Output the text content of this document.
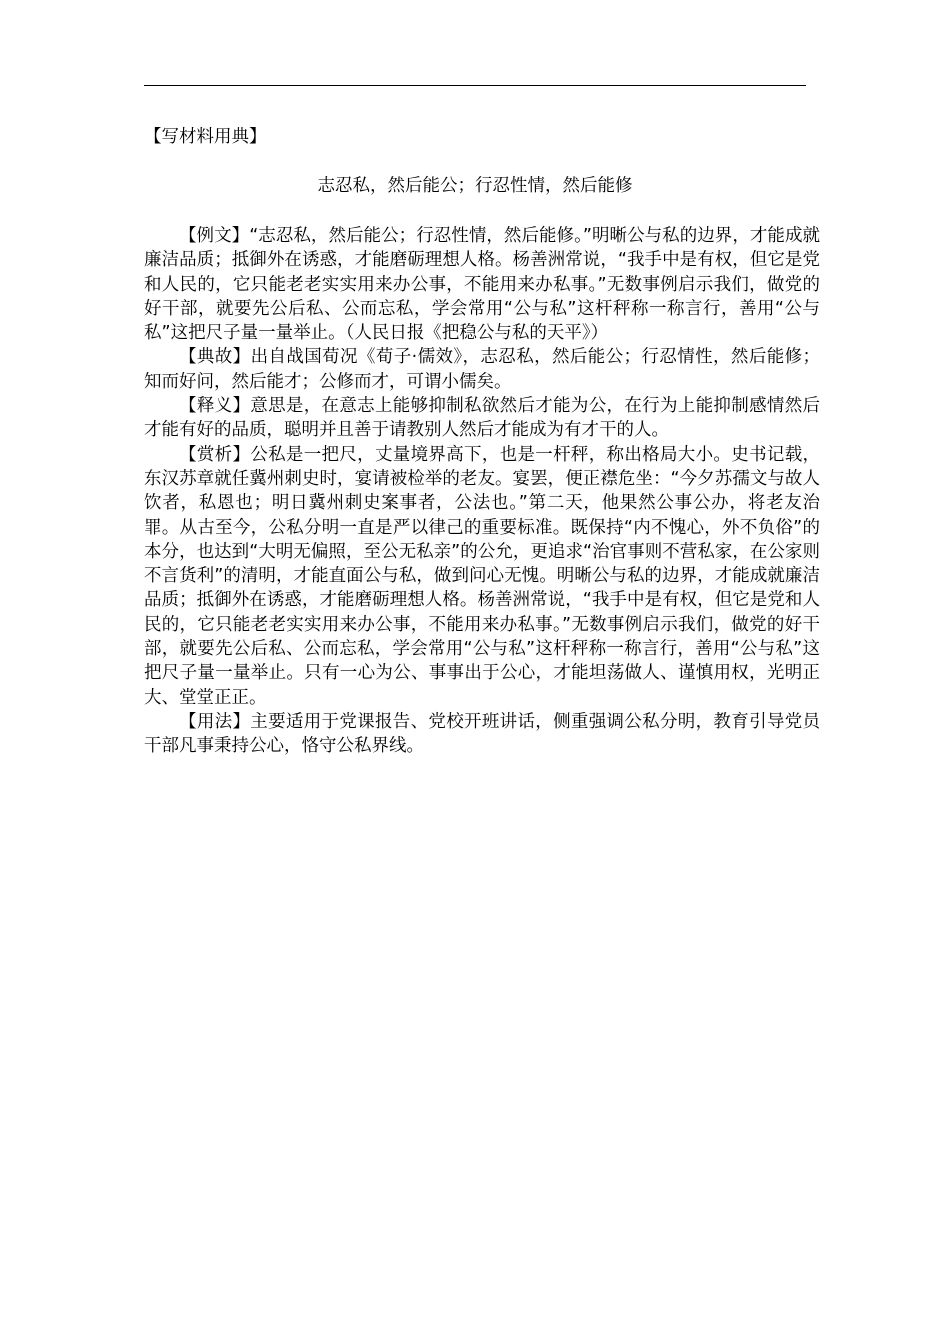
【写材料用典】
志忍私，然后能公；行忍性情，然后能修

【例文】“志忍私，然后能公；行忍性情，然后能修。”明晰公与私的边界，才能成就廉洁品质；抵御外在诱惑，才能磨砺理想人格。杨善洲常说，“我手中是有权，但它是党和人民的，它只能老老实实用来办公事，不能用来办私事。”无数事例启示我们，做党的好干部，就要先公后私、公而忘私，学会常用“公与私”这杆秤称一称言行，善用“公与私”这把尺子量一量举止。（人民日报《把稳公与私的天平》）

【典故】出自战国荀况《荀子·儒效》，志忍私，然后能公；行忍情性，然后能修；知而好问，然后能才；公修而才，可谓小儒矣。

【释义】意思是，在意志上能够抑制私欲然后才能为公，在行为上能抑制感情然后才能有好的品质，聪明并且善于请教别人然后才能成为有才干的人。

【赏析】公私是一把尺，丈量境界高下，也是一杆秤，称出格局大小。史书记载，东汉苏章就任冀州刺史时，宴请被检举的老友。宴罢，便正襟危坐：“今夕苏孺文与故人饮者，私恩也；明日冀州刺史案事者，公法也。”第二天，他果然公事公办，将老友治罪。从古至今，公私分明一直是严以律己的重要标准。既保持“内不愧心，外不负俗”的本分，也达到“大明无偏照，至公无私亲”的公允，更追求“治官事则不营私家，在公家则不言货利”的清明，才能直面公与私，做到问心无愧。明晰公与私的边界，才能成就廉洁品质；抵御外在诱惑，才能磨砺理想人格。杨善洲常说，“我手中是有权，但它是党和人民的，它只能老老实实用来办公事，不能用来办私事。”无数事例启示我们，做党的好干部，就要先公后私、公而忘私，学会常用“公与私”这杆秤称一称言行，善用“公与私”这把尺子量一量举止。只有一心为公、事事出于公心，才能坦荡做人、谨慎用权，光明正大、堂堂正正。

【用法】主要适用于党课报告、党校开班讲话，侧重强调公私分明，教育引导党员干部凡事秉持公心，恪守公私界线。
